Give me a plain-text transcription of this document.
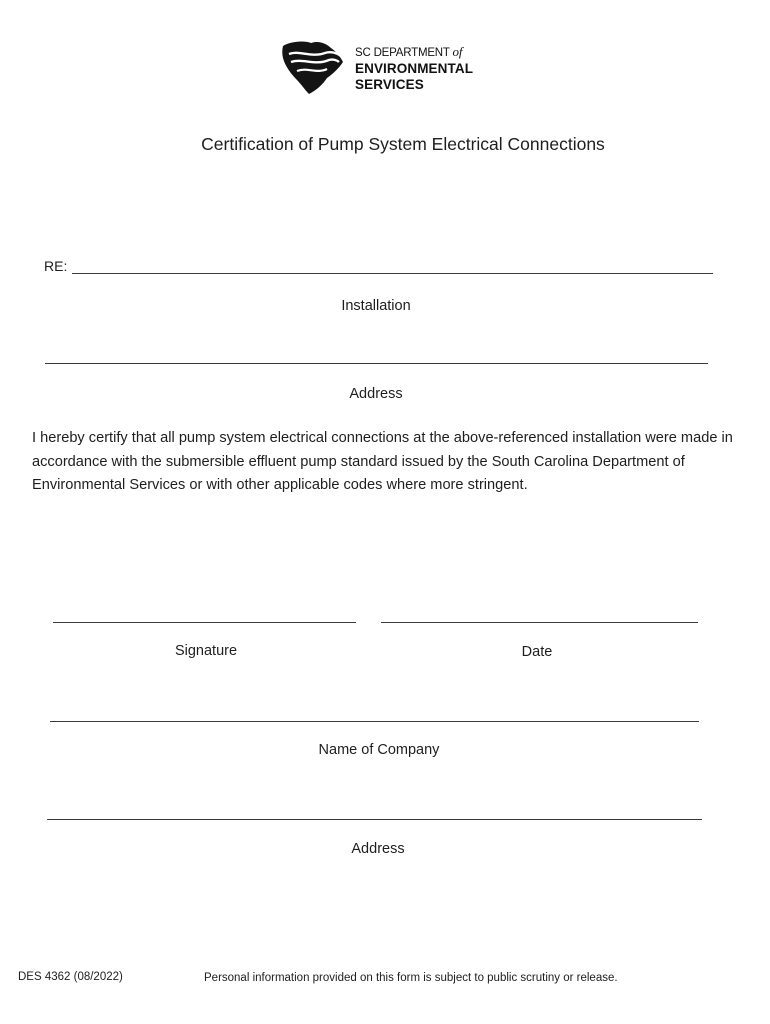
SC DEPARTMENT of
ENVIRONMENTAL
SERVICES
Certification of Pump System Electrical Connections
RE:
Installation
Address
I hereby certify that all pump system electrical connections at the above-referenced installation were made in accordance with the submersible effluent pump standard issued by the South Carolina Department of Environmental Services or with other applicable codes where more stringent.
Signature	Date
Name of Company
Address
DES 4362 (08/2022)	Personal information provided on this form is subject to public scrutiny or release.
